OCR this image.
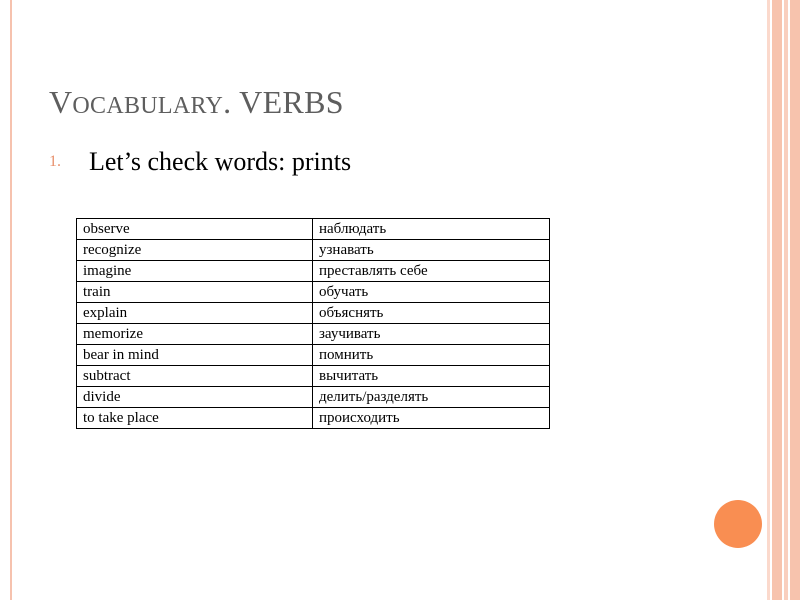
VOCABULARY. VERBS
1.	Let’s check words: prints
observe	наблюдать
recognize	узнавать
imagine	преставлять себе
train	обучать
explain	объяснять
memorize	заучивать
bear in mind	помнить
subtract	вычитать
divide	делить/разделять
to take place	происходить
